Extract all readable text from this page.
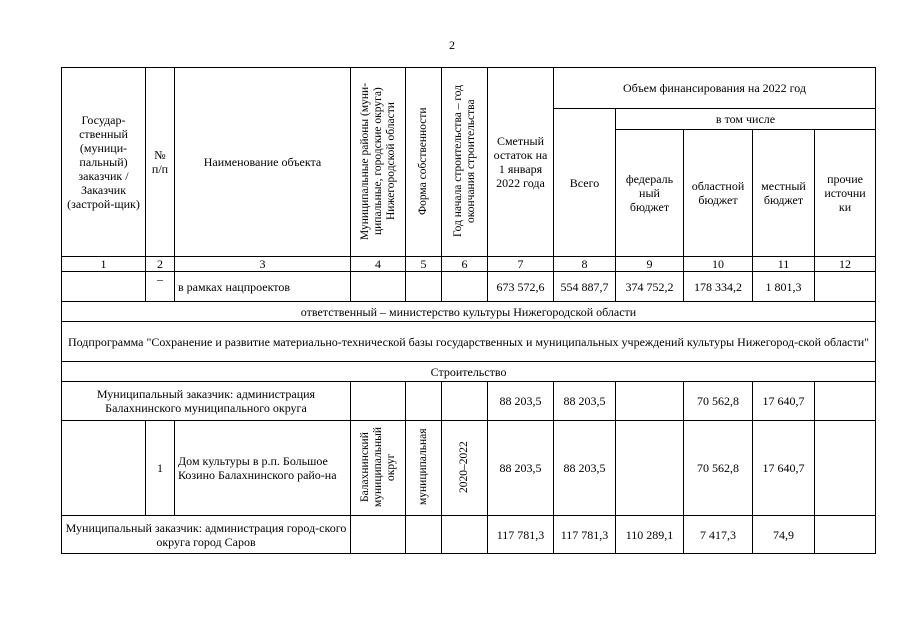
2
Государ-ственный (муници-пальный) заказчик / Заказчик (застрой-щик)	№ п/п	Наименование объекта	Муниципальные районы (муни-ципальные, городские округа) Нижегородской области	Форма собственности	Год начала строительства – год окончания строительства	Сметный остаток на 1 января 2022 года	Объем финансирования на 2022 год				
							Всего	в том числе			
								федераль ный бюджет	областной бюджет	местный бюджет	прочие источни ки
1	2	3	4	5	6	7	8	9	10	11	12
	–	в рамках нацпроектов				673 572,6	554 887,7	374 752,2	178 334,2	1 801,3	
ответственный – министерство культуры Нижегородской области											
Подпрограмма "Сохранение и развитие материально-технической базы государственных и муниципальных учреждений культуры Нижегород-ской области"											
Строительство											
Муниципальный заказчик: администрация Балахнинского муниципального округа						88 203,5	88 203,5		70 562,8	17 640,7	
	1	Дом культуры в р.п. Большое Козино Балахнинского райо-на	Балахнинский муниципальный округ	муниципальная	2020–2022	88 203,5	88 203,5		70 562,8	17 640,7	
Муниципальный заказчик: администрация город-ского округа город Саров						117 781,3	117 781,3	110 289,1	7 417,3	74,9	
